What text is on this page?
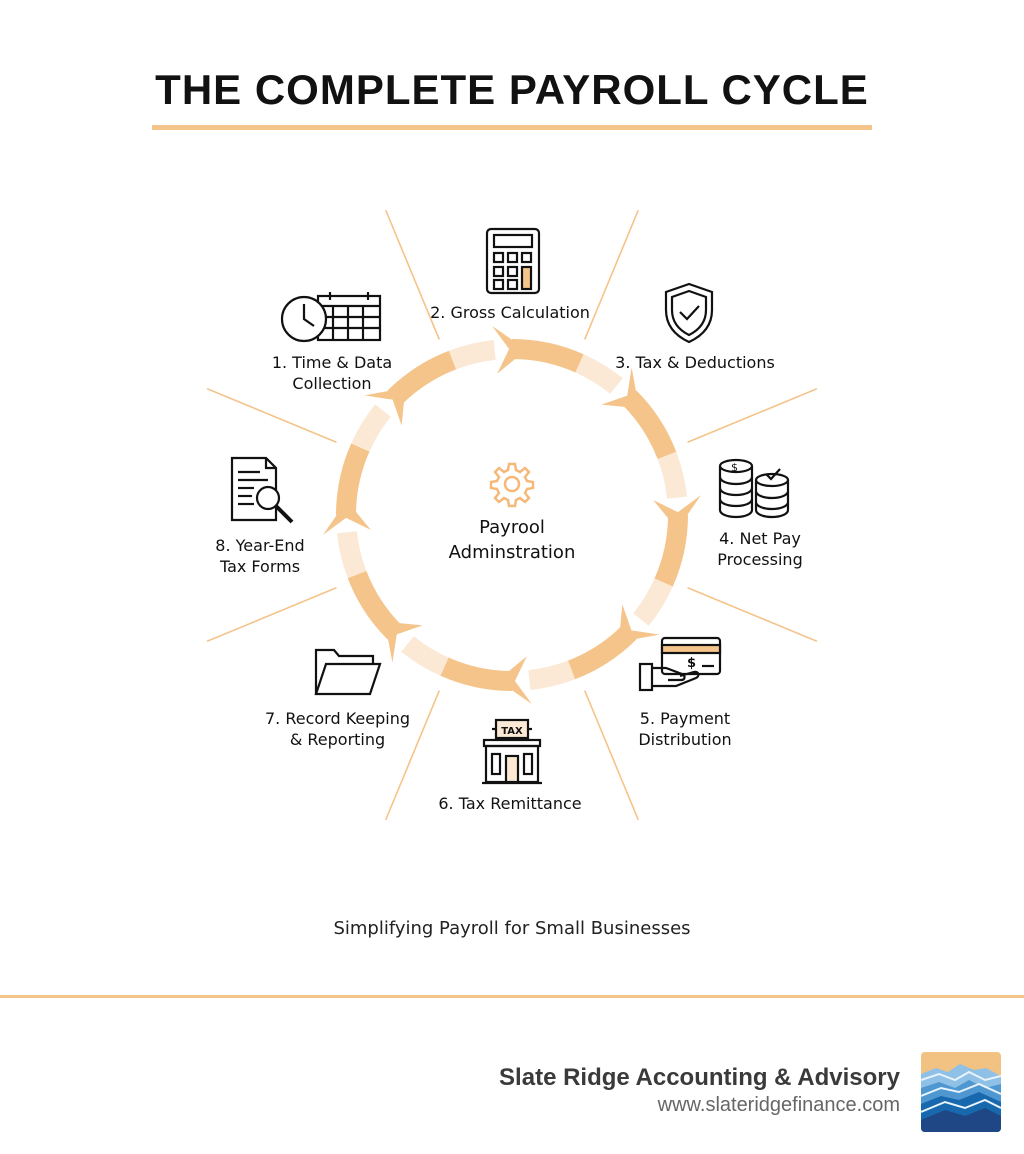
THE COMPLETE PAYROLL CYCLE
Payrool
Adminstration
1. Time & Data
Collection
2. Gross Calculation
3. Tax & Deductions
$
4. Net Pay
Processing
$
5. Payment
Distribution
TAX
6. Tax Remittance
7. Record Keeping
& Reporting
8. Year-End
Tax Forms
Simplifying Payroll for Small Businesses
Slate Ridge Accounting & Advisory
www.slateridgefinance.com
